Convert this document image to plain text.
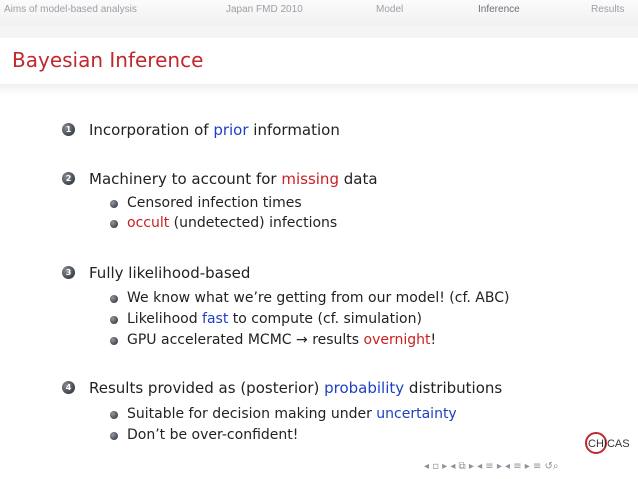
Aims of model-based analysis	Japan FMD 2010	Model	Inference	Results
Bayesian Inference
1 Incorporation of prior information
2 Machinery to account for missing data
Censored infection times
occult (undetected) infections
3 Fully likelihood-based
We know what we’re getting from our model! (cf. ABC)
Likelihood fast to compute (cf. simulation)
GPU accelerated MCMC → results overnight!
4 Results provided as (posterior) probability distributions
Suitable for decision making under uncertainty
Don’t be over-confident!
CHICAS
◂ ▫ ▸ ◂ ⧉ ▸ ◂ ≡ ▸ ◂ ≡ ▸ ≡ ↺⌕
